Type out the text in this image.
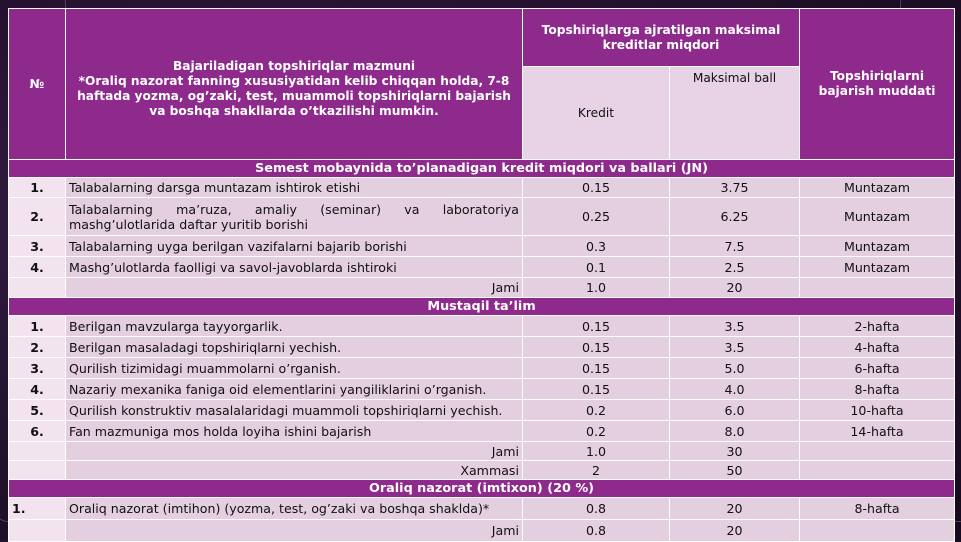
№	Bajariladigan topshiriqlar mazmuni
*Oraliq nazorat fanning xususiyatidan kelib chiqqan holda, 7-8 haftada yozma, og’zaki, test, muammoli topshiriqlarni bajarish va boshqa shakllarda o’tkazilishi mumkin.	Topshiriqlarga ajratilgan maksimal kreditlar miqdori		Topshiriqlarni bajarish muddati
		Kredit	Maksimal ball	
Semest mobaynida to’planadigan kredit miqdori va ballari (JN)				
1.	Talabalarning darsga muntazam ishtirok etishi	0.15	3.75	Muntazam
2.	Talabalarning ma’ruza, amaliy (seminar) va laboratoriya
mashg’ulotlarida daftar yuritib borishi	0.25	6.25	Muntazam
3.	Talabalarning uyga berilgan vazifalarni bajarib borishi	0.3	7.5	Muntazam
4.	Mashg’ulotlarda faolligi va savol-javoblarda ishtiroki	0.1	2.5	Muntazam
	Jami	1.0	20	
Mustaqil ta’lim				
1.	Berilgan mavzularga tayyorgarlik.	0.15	3.5	2-hafta
2.	Berilgan masaladagi topshiriqlarni yechish.	0.15	3.5	4-hafta
3.	Qurilish tizimidagi muammolarni o’rganish.	0.15	5.0	6-hafta
4.	Nazariy mexanika faniga oid elementlarini yangiliklarini o’rganish.	0.15	4.0	8-hafta
5.	Qurilish konstruktiv masalalaridagi muammoli topshiriqlarni yechish.	0.2	6.0	10-hafta
6.	Fan mazmuniga mos holda loyiha ishini bajarish	0.2	8.0	14-hafta
	Jami	1.0	30	
	Xammasi	2	50	
Oraliq nazorat (imtixon) (20 %)				
1.	Oraliq nazorat (imtihon) (yozma, test, og’zaki va boshqa shaklda)*	0.8	20	8-hafta
	Jami	0.8	20	
